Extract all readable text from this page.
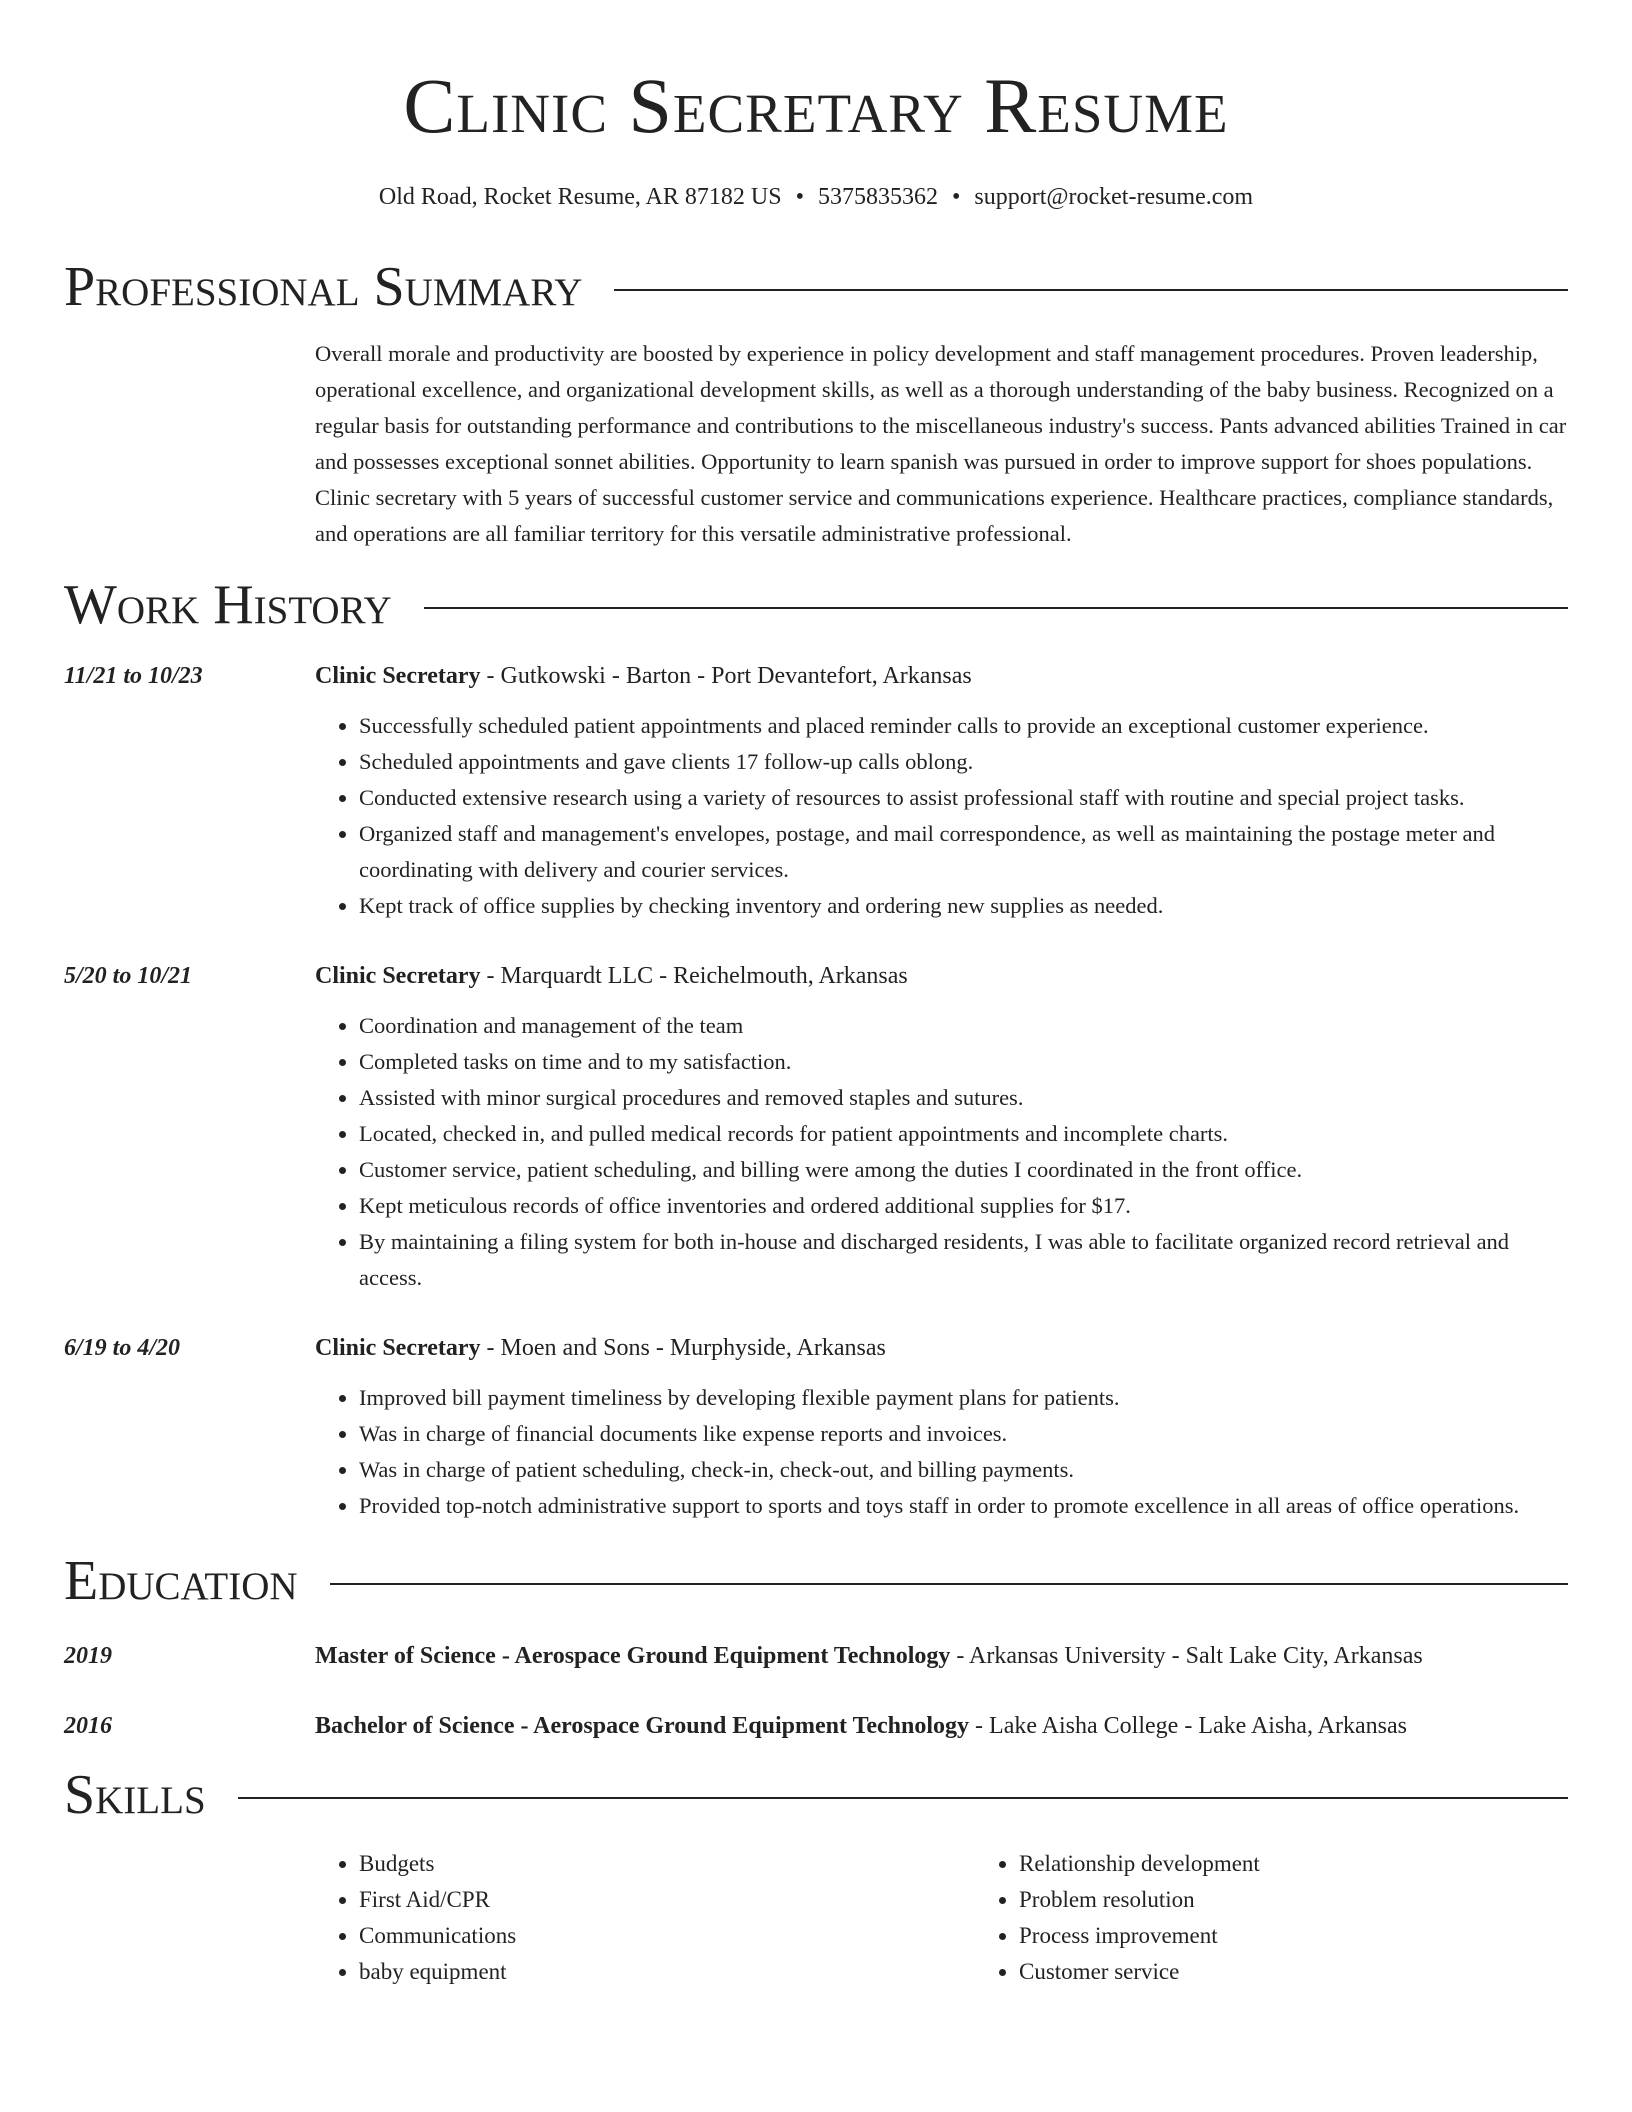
Clinic Secretary Resume
Old Road, Rocket Resume, AR 87182 US • 5375835362 • support@rocket-resume.com
Professional Summary
Overall morale and productivity are boosted by experience in policy development and staff management procedures. Proven leadership, operational excellence, and organizational development skills, as well as a thorough understanding of the baby business. Recognized on a regular basis for outstanding performance and contributions to the miscellaneous industry's success. Pants advanced abilities Trained in car and possesses exceptional sonnet abilities. Opportunity to learn spanish was pursued in order to improve support for shoes populations. Clinic secretary with 5 years of successful customer service and communications experience. Healthcare practices, compliance standards, and operations are all familiar territory for this versatile administrative professional.
Work History
11/21 to 10/23	Clinic Secretary - Gutkowski - Barton - Port Devantefort, Arkansas
• Successfully scheduled patient appointments and placed reminder calls to provide an exceptional customer experience.
• Scheduled appointments and gave clients 17 follow-up calls oblong.
• Conducted extensive research using a variety of resources to assist professional staff with routine and special project tasks.
• Organized staff and management's envelopes, postage, and mail correspondence, as well as maintaining the postage meter and coordinating with delivery and courier services.
• Kept track of office supplies by checking inventory and ordering new supplies as needed.
5/20 to 10/21	Clinic Secretary - Marquardt LLC - Reichelmouth, Arkansas
• Coordination and management of the team
• Completed tasks on time and to my satisfaction.
• Assisted with minor surgical procedures and removed staples and sutures.
• Located, checked in, and pulled medical records for patient appointments and incomplete charts.
• Customer service, patient scheduling, and billing were among the duties I coordinated in the front office.
• Kept meticulous records of office inventories and ordered additional supplies for $17.
• By maintaining a filing system for both in-house and discharged residents, I was able to facilitate organized record retrieval and access.
6/19 to 4/20	Clinic Secretary - Moen and Sons - Murphyside, Arkansas
• Improved bill payment timeliness by developing flexible payment plans for patients.
• Was in charge of financial documents like expense reports and invoices.
• Was in charge of patient scheduling, check-in, check-out, and billing payments.
• Provided top-notch administrative support to sports and toys staff in order to promote excellence in all areas of office operations.
Education
2019	Master of Science - Aerospace Ground Equipment Technology - Arkansas University - Salt Lake City, Arkansas
2016	Bachelor of Science - Aerospace Ground Equipment Technology - Lake Aisha College - Lake Aisha, Arkansas
Skills
• Budgets
• First Aid/CPR
• Communications
• baby equipment
• Relationship development
• Problem resolution
• Process improvement
• Customer service
